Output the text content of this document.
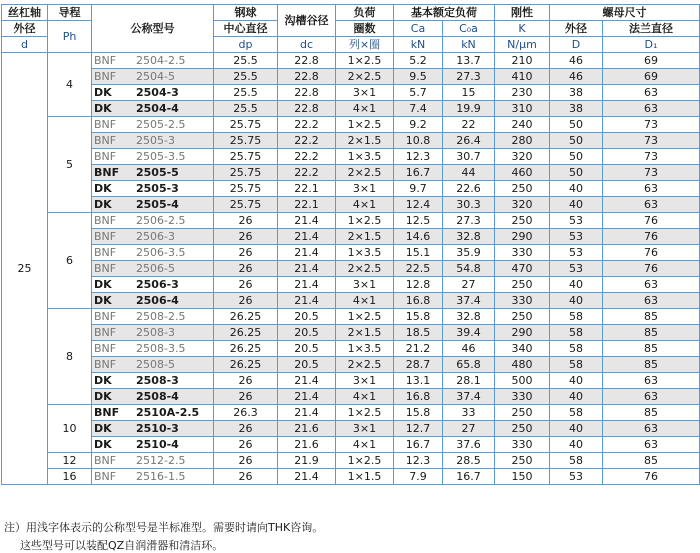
丝杠轴	导程	公称型号	钢球	沟槽谷径	负荷	基本额定负荷		刚性	螺母尺寸	
外径	Ph		中心直径		圈数	Ca	C₀a	K	外径	法兰直径
d			dp	dc	列×圈	kN	kN	N/μm	D	D₁
25	4	BNF 2504-2.5	25.5	22.8	1×2.5	5.2	13.7	210	46	69
		BNF 2504-5	25.5	22.8	2×2.5	9.5	27.3	410	46	69
		DK 2504-3	25.5	22.8	3×1	5.7	15	230	38	63
		DK 2504-4	25.5	22.8	4×1	7.4	19.9	310	38	63
	5	BNF 2505-2.5	25.75	22.2	1×2.5	9.2	22	240	50	73
		BNF 2505-3	25.75	22.2	2×1.5	10.8	26.4	280	50	73
		BNF 2505-3.5	25.75	22.2	1×3.5	12.3	30.7	320	50	73
		BNF 2505-5	25.75	22.2	2×2.5	16.7	44	460	50	73
		DK 2505-3	25.75	22.1	3×1	9.7	22.6	250	40	63
		DK 2505-4	25.75	22.1	4×1	12.4	30.3	320	40	63
	6	BNF 2506-2.5	26	21.4	1×2.5	12.5	27.3	250	53	76
		BNF 2506-3	26	21.4	2×1.5	14.6	32.8	290	53	76
		BNF 2506-3.5	26	21.4	1×3.5	15.1	35.9	330	53	76
		BNF 2506-5	26	21.4	2×2.5	22.5	54.8	470	53	76
		DK 2506-3	26	21.4	3×1	12.8	27	250	40	63
		DK 2506-4	26	21.4	4×1	16.8	37.4	330	40	63
	8	BNF 2508-2.5	26.25	20.5	1×2.5	15.8	32.8	250	58	85
		BNF 2508-3	26.25	20.5	2×1.5	18.5	39.4	290	58	85
		BNF 2508-3.5	26.25	20.5	1×3.5	21.2	46	340	58	85
		BNF 2508-5	26.25	20.5	2×2.5	28.7	65.8	480	58	85
		DK 2508-3	26	21.4	3×1	13.1	28.1	500	40	63
		DK 2508-4	26	21.4	4×1	16.8	37.4	330	40	63
	10	BNF 2510A-2.5	26.3	21.4	1×2.5	15.8	33	250	58	85
		DK 2510-3	26	21.6	3×1	12.7	27	250	40	63
		DK 2510-4	26	21.6	4×1	16.7	37.6	330	40	63
	12	BNF 2512-2.5	26	21.9	1×2.5	12.3	28.5	250	58	85
	16	BNF 2516-1.5	26	21.4	1×1.5	7.9	16.7	150	53	76
注）用浅字体表示的公称型号是半标准型。需要时请向THK咨询。
这些型号可以装配QZ自润滑器和清洁环。
